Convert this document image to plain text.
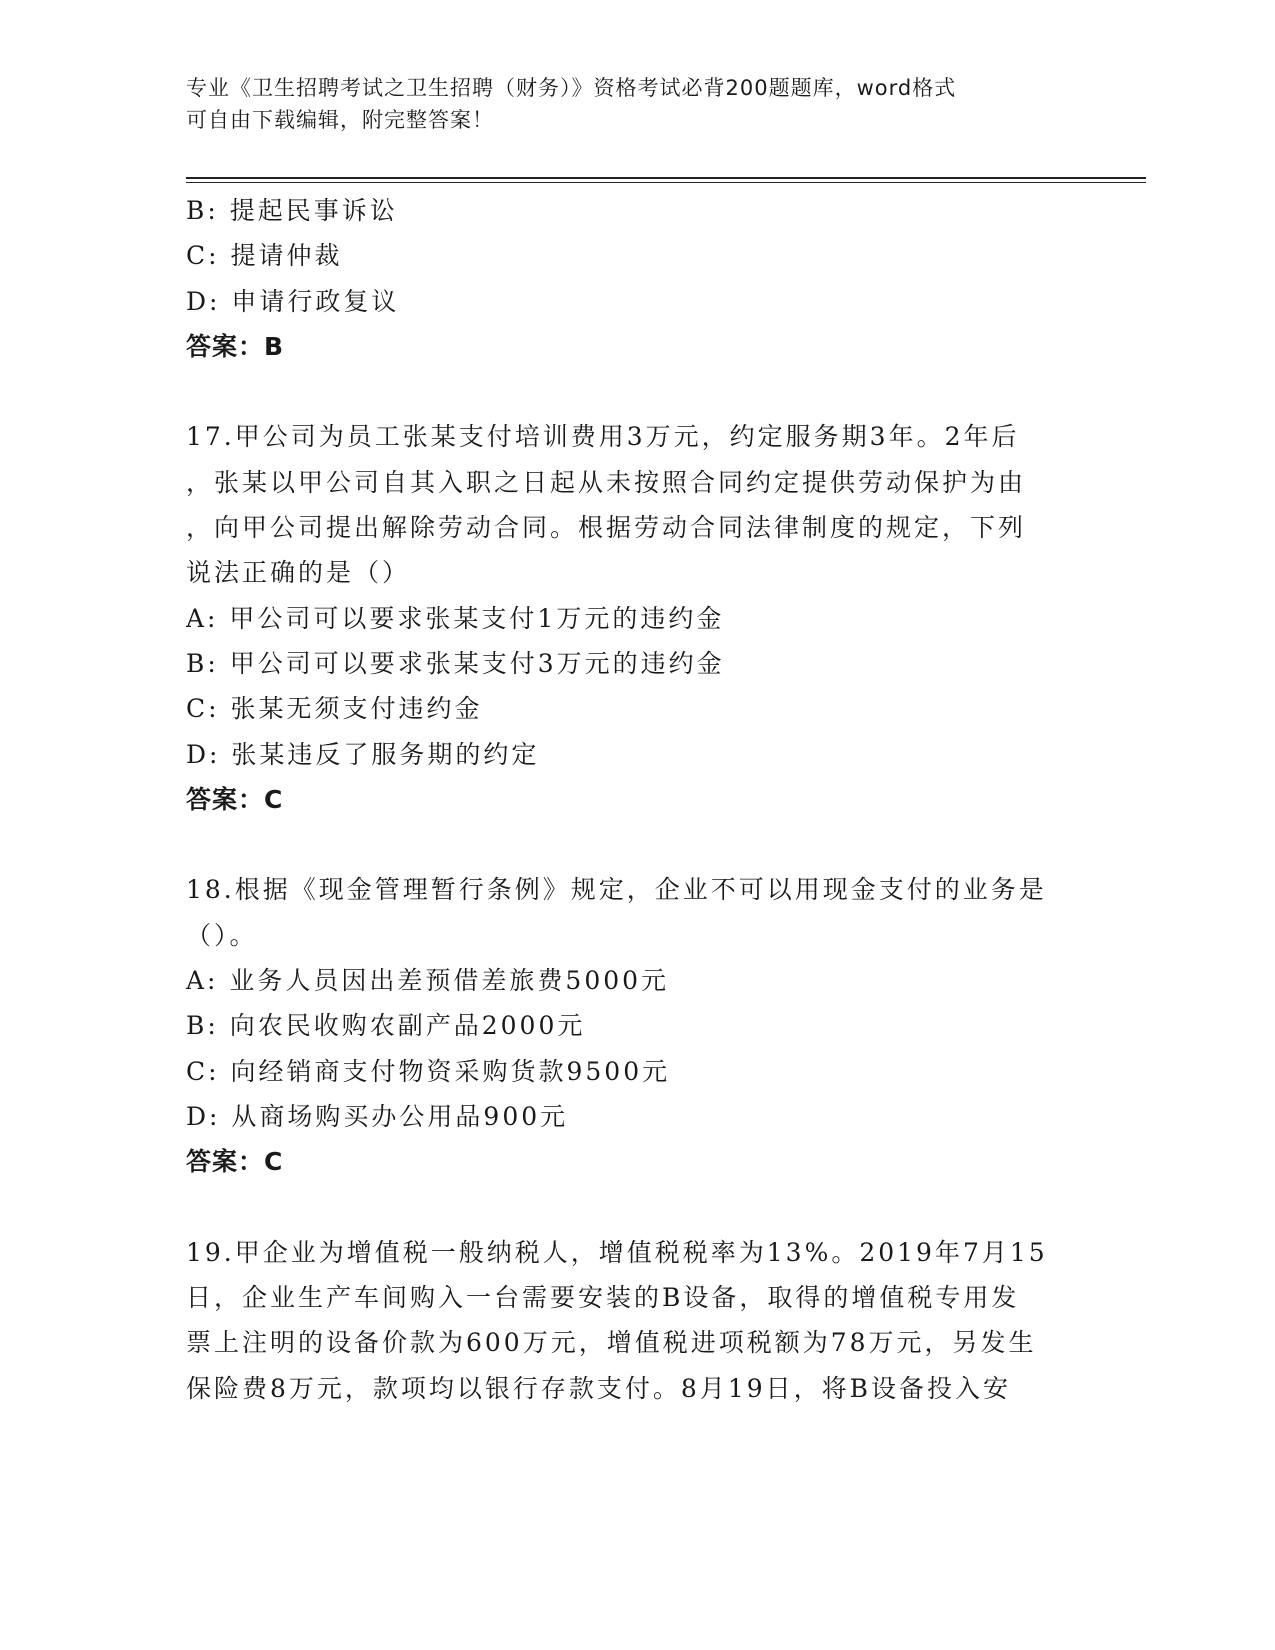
专业《卫生招聘考试之卫生招聘（财务）》资格考试必背200题题库，word格式
可自由下载编辑，附完整答案！
B: 提起民事诉讼
C: 提请仲裁
D: 申请行政复议
答案：B
17.甲公司为员工张某支付培训费用3万元，约定服务期3年。2年后
，张某以甲公司自其入职之日起从未按照合同约定提供劳动保护为由
，向甲公司提出解除劳动合同。根据劳动合同法律制度的规定，下列
说法正确的是（）
A: 甲公司可以要求张某支付1万元的违约金
B: 甲公司可以要求张某支付3万元的违约金
C: 张某无须支付违约金
D: 张某违反了服务期的约定
答案：C
18.根据《现金管理暂行条例》规定，企业不可以用现金支付的业务是
（）。
A: 业务人员因出差预借差旅费5000元
B: 向农民收购农副产品2000元
C: 向经销商支付物资采购货款9500元
D: 从商场购买办公用品900元
答案：C
19.甲企业为增值税一般纳税人，增值税税率为13%。2019年7月15
日，企业生产车间购入一台需要安装的B设备，取得的增值税专用发
票上注明的设备价款为600万元，增值税进项税额为78万元，另发生
保险费8万元，款项均以银行存款支付。8月19日，将B设备投入安
